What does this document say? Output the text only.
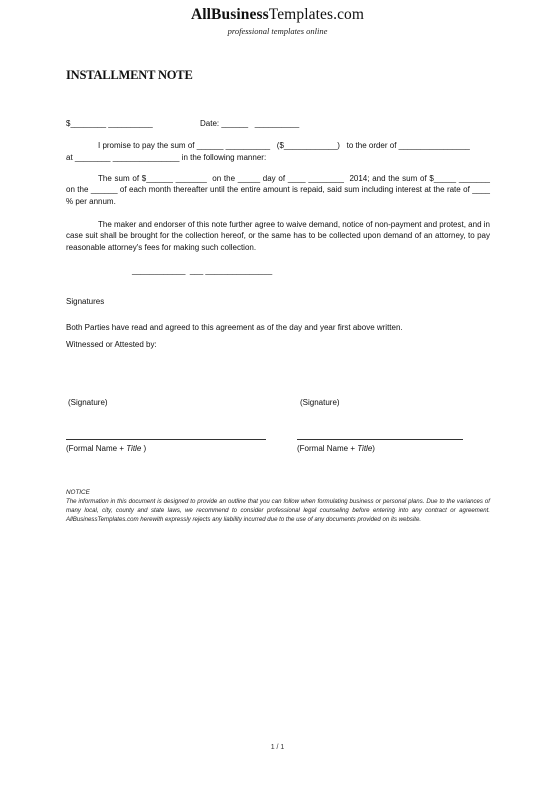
AllBusinessTemplates.com
professional templates online
INSTALLMENT NOTE
$________ __________	Date: ______   __________
I promise to pay the sum of ______ __________   ($____________)   to the order of ________________
at ________ _______________ in the following manner:
The sum of $______ _______  on the _____ day of ____ ________  2014; and the sum of $_____ _______ on the ______ of each month thereafter until the entire amount is repaid, said sum including interest at the rate of ____ % per annum.
The maker and endorser of this note further agree to waive demand, notice of non-payment and protest, and in case suit shall be brought for the collection hereof, or the same has to be collected upon demand of an attorney, to pay reasonable attorney's fees for making such collection.
____________  ___ _______________
Signatures
Both Parties have read and agreed to this agreement as of the day and year first above written.
Witnessed or Attested by:
(Signature)	(Signature)
(Formal Name + Title )	(Formal Name + Title)
NOTICE
The information in this document is designed to provide an outline that you can follow when formulating business or personal plans. Due to the variances of many local, city, county and state laws, we recommend to consider professional legal counseling before entering into any contract or agreement. AllBusinessTemplates.com herewith expressly rejects any liability incurred due to the use of any documents provided on its website.
1 / 1
